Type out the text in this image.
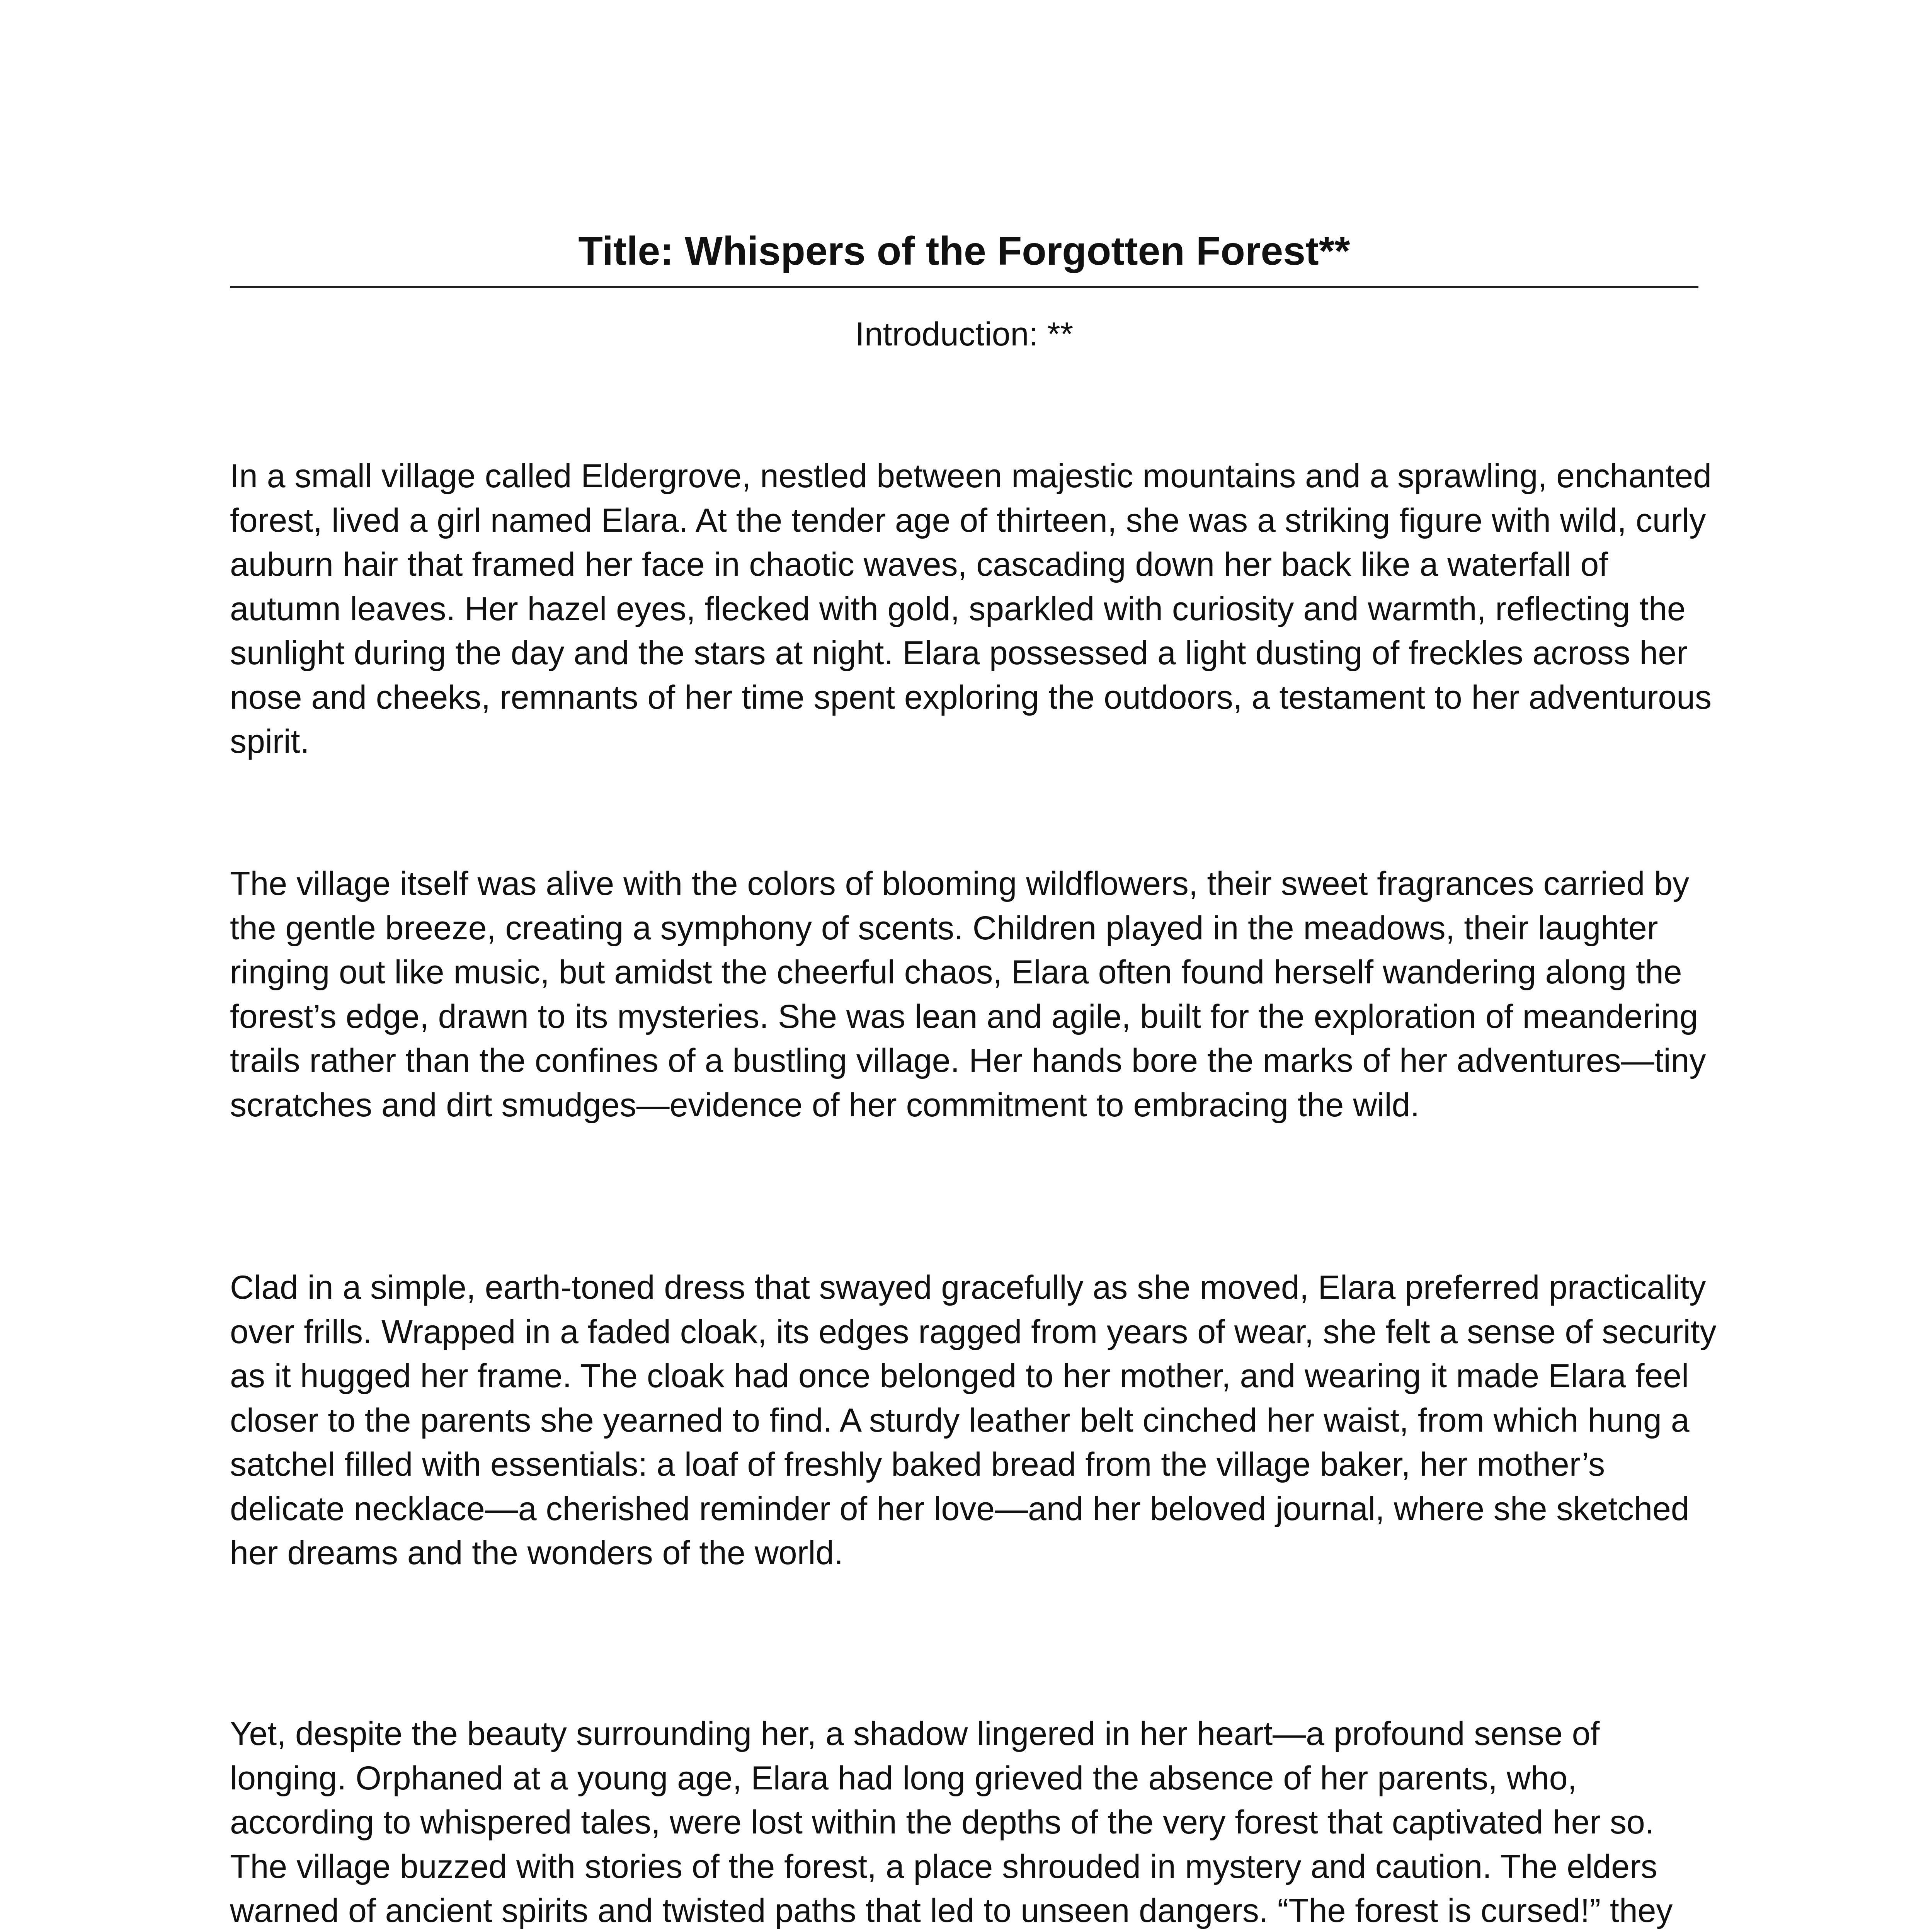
Title: Whispers of the Forgotten Forest**
Introduction: **

In a small village called Eldergrove, nestled between majestic mountains and a sprawling, enchanted forest, lived a girl named Elara. At the tender age of thirteen, she was a striking figure with wild, curly auburn hair that framed her face in chaotic waves, cascading down her back like a waterfall of autumn leaves. Her hazel eyes, flecked with gold, sparkled with curiosity and warmth, reflecting the sunlight during the day and the stars at night. Elara possessed a light dusting of freckles across her nose and cheeks, remnants of her time spent exploring the outdoors, a testament to her adventurous spirit.

The village itself was alive with the colors of blooming wildflowers, their sweet fragrances carried by the gentle breeze, creating a symphony of scents. Children played in the meadows, their laughter ringing out like music, but amidst the cheerful chaos, Elara often found herself wandering along the forest’s edge, drawn to its mysteries. She was lean and agile, built for the exploration of meandering trails rather than the confines of a bustling village. Her hands bore the marks of her adventures—tiny scratches and dirt smudges—evidence of her commitment to embracing the wild.

Clad in a simple, earth-toned dress that swayed gracefully as she moved, Elara preferred practicality over frills. Wrapped in a faded cloak, its edges ragged from years of wear, she felt a sense of security as it hugged her frame. The cloak had once belonged to her mother, and wearing it made Elara feel closer to the parents she yearned to find. A sturdy leather belt cinched her waist, from which hung a satchel filled with essentials: a loaf of freshly baked bread from the village baker, her mother’s delicate necklace—a cherished reminder of her love—and her beloved journal, where she sketched her dreams and the wonders of the world.

Yet, despite the beauty surrounding her, a shadow lingered in her heart—a profound sense of longing. Orphaned at a young age, Elara had long grieved the absence of her parents, who, according to whispered tales, were lost within the depths of the very forest that captivated her so. The village buzzed with stories of the forest, a place shrouded in mystery and caution. The elders warned of ancient spirits and twisted paths that led to unseen dangers. “The forest is cursed!” they
